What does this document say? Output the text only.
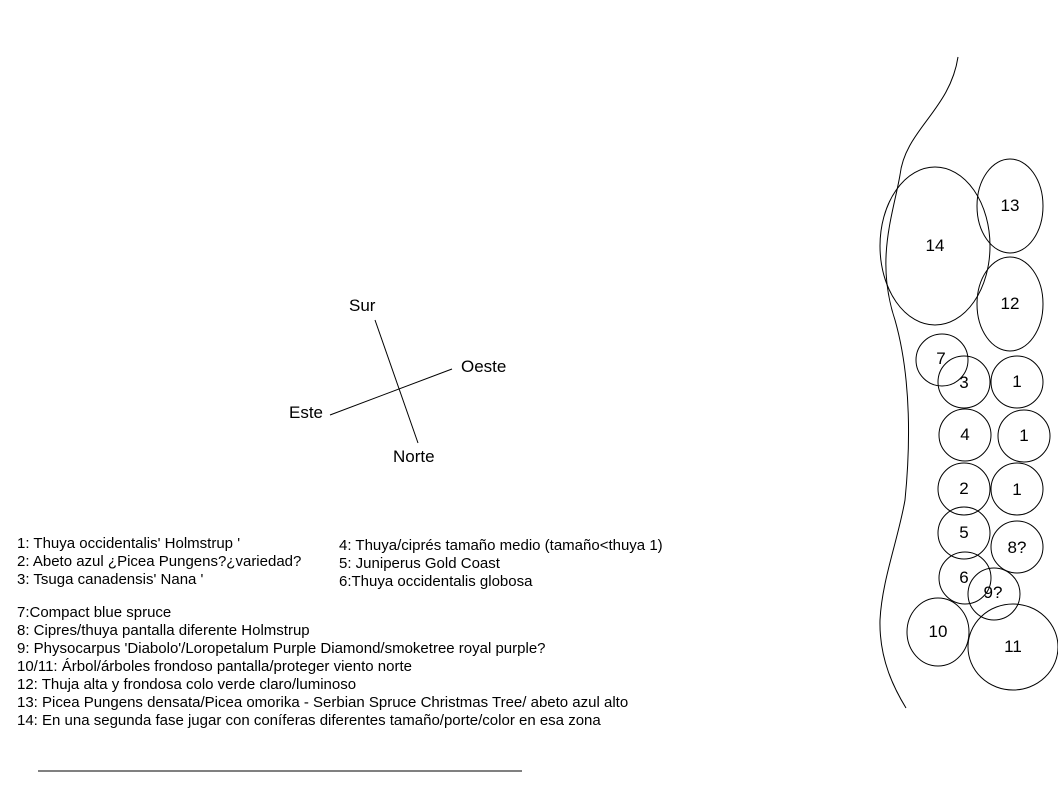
Sur
Oeste
Este
Norte
14
13
12
7
3	1
4	1
2	1
5
8?
6
9?
10
11
1: Thuya occidentalis' Holmstrup '
2: Abeto azul ¿Picea Pungens?¿variedad?
3: Tsuga canadensis' Nana '
4: Thuya/ciprés tamaño medio (tamaño<thuya 1)
5: Juniperus Gold Coast
6:Thuya occidentalis globosa
7:Compact blue spruce
8: Cipres/thuya pantalla diferente Holmstrup
9: Physocarpus 'Diabolo'/Loropetalum Purple Diamond/smoketree royal purple?
10/11: Árbol/árboles frondoso pantalla/proteger viento norte
12: Thuja alta y frondosa colo verde claro/luminoso
13: Picea Pungens densata/Picea omorika - Serbian Spruce Christmas Tree/ abeto azul alto
14: En una segunda fase jugar con coníferas diferentes tamaño/porte/color en esa zona
